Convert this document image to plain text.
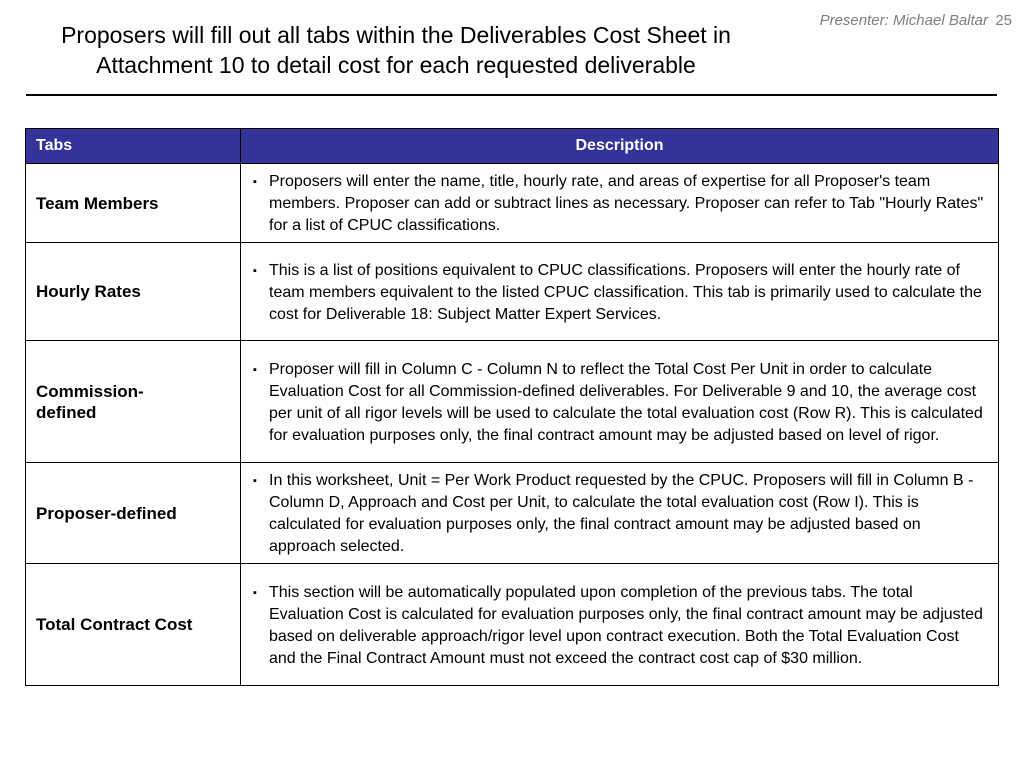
Presenter: Michael Baltar 25
Proposers will fill out all tabs within the Deliverables Cost Sheet in Attachment 10 to detail cost for each requested deliverable
Tabs	Description
Team Members	▪ Proposers will enter the name, title, hourly rate, and areas of expertise for all Proposer's team members. Proposer can add or subtract lines as necessary. Proposer can refer to Tab "Hourly Rates" for a list of CPUC classifications.

Hourly Rates	▪ This is a list of positions equivalent to CPUC classifications. Proposers will enter the hourly rate of team members equivalent to the listed CPUC classification. This tab is primarily used to calculate the cost for Deliverable 18: Subject Matter Expert Services.

Commission-defined	▪ Proposer will fill in Column C - Column N to reflect the Total Cost Per Unit in order to calculate Evaluation Cost for all Commission-defined deliverables. For Deliverable 9 and 10, the average cost per unit of all rigor levels will be used to calculate the total evaluation cost (Row R). This is calculated for evaluation purposes only, the final contract amount may be adjusted based on level of rigor.

Proposer-defined	▪ In this worksheet, Unit = Per Work Product requested by the CPUC. Proposers will fill in Column B - Column D, Approach and Cost per Unit, to calculate the total evaluation cost (Row I). This is calculated for evaluation purposes only, the final contract amount may be adjusted based on approach selected.

Total Contract Cost	▪ This section will be automatically populated upon completion of the previous tabs. The total Evaluation Cost is calculated for evaluation purposes only, the final contract amount may be adjusted based on deliverable approach/rigor level upon contract execution. Both the Total Evaluation Cost and the Final Contract Amount must not exceed the contract cost cap of $30 million.
